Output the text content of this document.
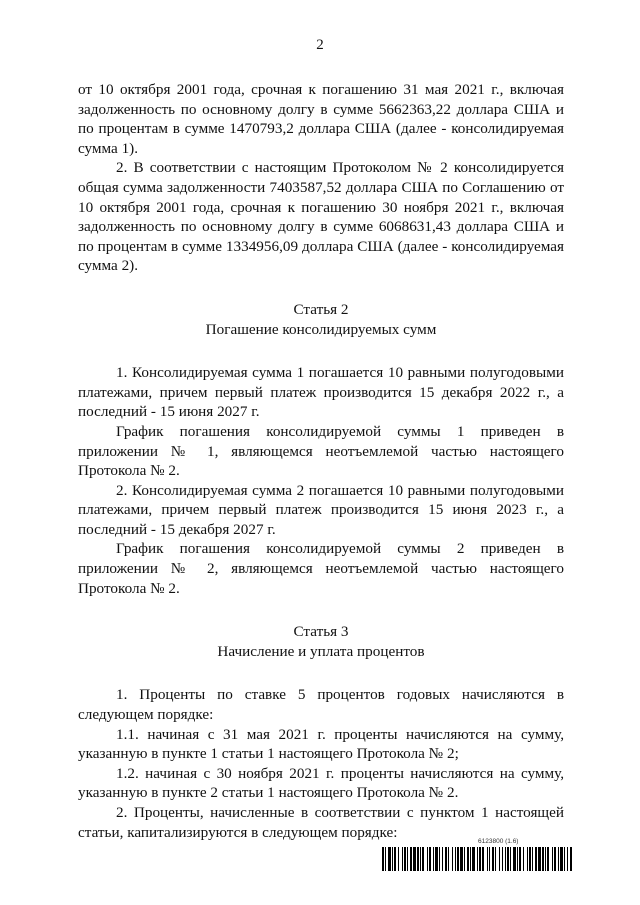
2

от 10 октября 2001 года, срочная к погашению 31 мая 2021 г., включая задолженность по основному долгу в сумме 5662363,22 доллара США и по процентам в сумме 1470793,2 доллара США (далее - консолидируемая сумма 1).

2. В соответствии с настоящим Протоколом № 2 консолидируется общая сумма задолженности 7403587,52 доллара США по Соглашению от 10 октября 2001 года, срочная к погашению 30 ноября 2021 г., включая задолженность по основному долгу в сумме 6068631,43 доллара США и по процентам в сумме 1334956,09 доллара США (далее - консолидируемая сумма 2).

Статья 2
Погашение консолидируемых сумм

1. Консолидируемая сумма 1 погашается 10 равными полугодовыми платежами, причем первый платеж производится 15 декабря 2022 г., а последний - 15 июня 2027 г.

График погашения консолидируемой суммы 1 приведен в приложении № 1, являющемся неотъемлемой частью настоящего Протокола № 2.

2. Консолидируемая сумма 2 погашается 10 равными полугодовыми платежами, причем первый платеж производится 15 июня 2023 г., а последний - 15 декабря 2027 г.

График погашения консолидируемой суммы 2 приведен в приложении № 2, являющемся неотъемлемой частью настоящего Протокола № 2.

Статья 3
Начисление и уплата процентов

1. Проценты по ставке 5 процентов годовых начисляются в следующем порядке:

1.1. начиная с 31 мая 2021 г. проценты начисляются на сумму, указанную в пункте 1 статьи 1 настоящего Протокола № 2;

1.2. начиная с 30 ноября 2021 г. проценты начисляются на сумму, указанную в пункте 2 статьи 1 настоящего Протокола № 2.

2. Проценты, начисленные в соответствии с пунктом 1 настоящей статьи, капитализируются в следующем порядке:

6123800 (1.6)
